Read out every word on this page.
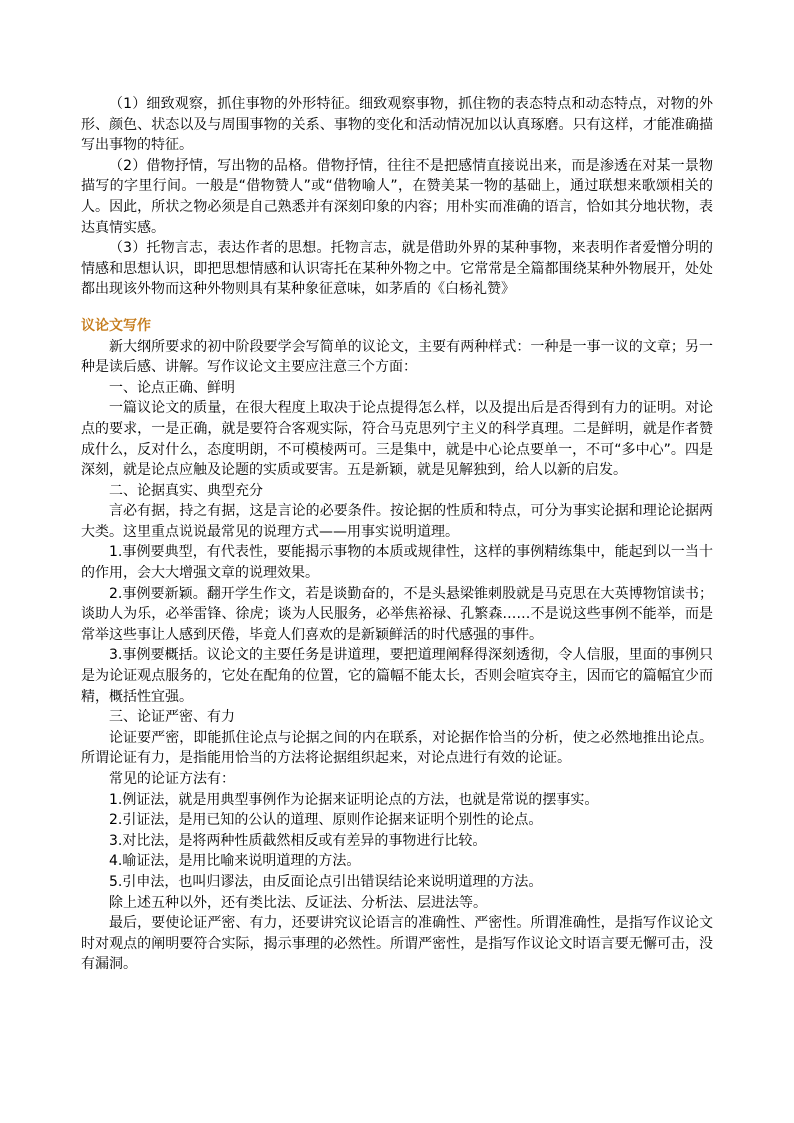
（1）细致观察，抓住事物的外形特征。细致观察事物，抓住物的表态特点和动态特点，对物的外形、颜色、状态以及与周围事物的关系、事物的变化和活动情况加以认真琢磨。只有这样，才能准确描写出事物的特征。

（2）借物抒情，写出物的品格。借物抒情，往往不是把感情直接说出来，而是渗透在对某一景物描写的字里行间。一般是“借物赞人”或“借物喻人”，在赞美某一物的基础上，通过联想来歌颂相关的人。因此，所状之物必须是自己熟悉并有深刻印象的内容；用朴实而准确的语言，恰如其分地状物，表达真情实感。

（3）托物言志，表达作者的思想。托物言志，就是借助外界的某种事物，来表明作者爱憎分明的情感和思想认识，即把思想情感和认识寄托在某种外物之中。它常常是全篇都围绕某种外物展开，处处都出现该外物而这种外物则具有某种象征意味，如茅盾的《白杨礼赞》

议论文写作

新大纲所要求的初中阶段要学会写简单的议论文，主要有两种样式：一种是一事一议的文章；另一种是读后感、讲解。写作议论文主要应注意三个方面：

一、论点正确、鲜明

一篇议论文的质量，在很大程度上取决于论点提得怎么样，以及提出后是否得到有力的证明。对论点的要求，一是正确，就是要符合客观实际，符合马克思列宁主义的科学真理。二是鲜明，就是作者赞成什么，反对什么，态度明朗，不可模棱两可。三是集中，就是中心论点要单一，不可“多中心”。四是深刻，就是论点应触及论题的实质或要害。五是新颖，就是见解独到，给人以新的启发。

二、论据真实、典型充分

言必有据，持之有据，这是言论的必要条件。按论据的性质和特点，可分为事实论据和理论论据两大类。这里重点说说最常见的说理方式——用事实说明道理。

1.事例要典型，有代表性，要能揭示事物的本质或规律性，这样的事例精练集中，能起到以一当十的作用，会大大增强文章的说理效果。

2.事例要新颖。翻开学生作文，若是谈勤奋的，不是头悬梁锥刺股就是马克思在大英博物馆读书；谈助人为乐，必举雷锋、徐虎；谈为人民服务，必举焦裕禄、孔繁森……不是说这些事例不能举，而是常举这些事让人感到厌倦，毕竟人们喜欢的是新颖鲜活的时代感强的事件。

3.事例要概括。议论文的主要任务是讲道理，要把道理阐释得深刻透彻，令人信服，里面的事例只是为论证观点服务的，它处在配角的位置，它的篇幅不能太长，否则会喧宾夺主，因而它的篇幅宜少而精，概括性宜强。

三、论证严密、有力

论证要严密，即能抓住论点与论据之间的内在联系，对论据作恰当的分析，使之必然地推出论点。所谓论证有力，是指能用恰当的方法将论据组织起来，对论点进行有效的论证。

常见的论证方法有：

1.例证法，就是用典型事例作为论据来证明论点的方法，也就是常说的摆事实。

2.引证法，是用已知的公认的道理、原则作论据来证明个别性的论点。

3.对比法，是将两种性质截然相反或有差异的事物进行比较。

4.喻证法，是用比喻来说明道理的方法。

5.引申法，也叫归谬法，由反面论点引出错误结论来说明道理的方法。

除上述五种以外，还有类比法、反证法、分析法、层进法等。

最后，要使论证严密、有力，还要讲究议论语言的准确性、严密性。所谓准确性，是指写作议论文时对观点的阐明要符合实际，揭示事理的必然性。所谓严密性，是指写作议论文时语言要无懈可击，没有漏洞。
